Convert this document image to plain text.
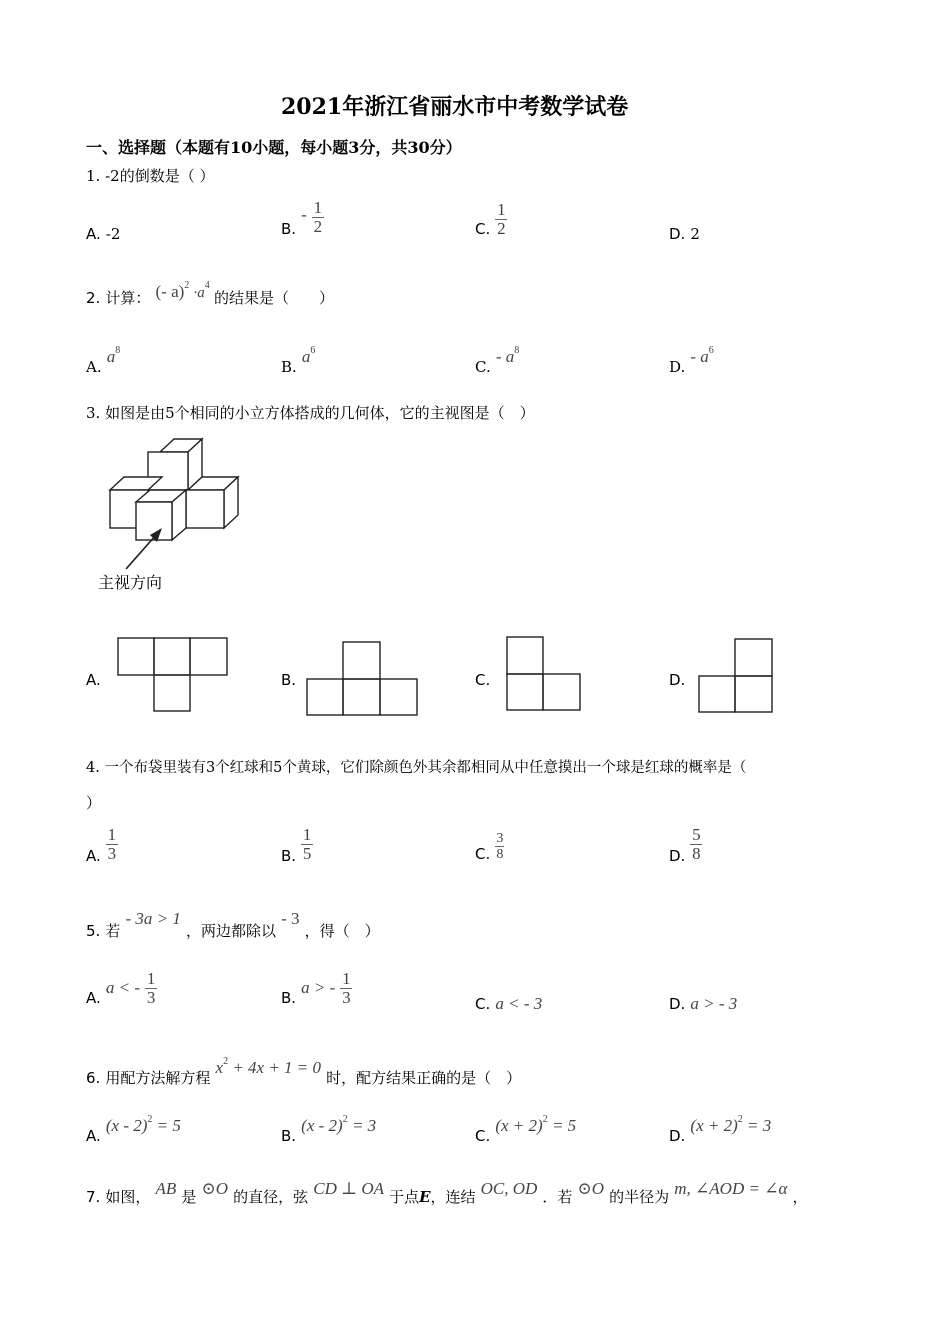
2021年浙江省丽水市中考数学试卷
一、选择题（本题有10小题，每小题3分，共30分）
1. -2的倒数是（ ）
A. -2	B. - $\frac{1}{2}$	C. $\frac{1}{2}$	D. 2
2. 计算： (- $a)^2 \cdot a^4$ 的结果是（　　）
A. $a^8$
B. $a^6$
C. - $a^8$
D. - $a^6$
3. 如图是由5个相同的小立方体搭成的几何体，它的主视图是（　）
主视方向
A.	B.	C.	D.
4. 一个布袋里装有3个红球和5个黄球，它们除颜色外其余都相同从中任意摸出一个球是红球的概率是（
）
A. $\frac{1}{3}$	B. $\frac{1}{5}$	C. $\frac{3}{8}$	D. $\frac{5}{8}$
5. 若 - 3a > 1 ，两边都除以 - 3 ，得（　）
A. a < - $\frac{1}{3}$	B. a > - $\frac{1}{3}$	C. a < - 3	D. a > - 3
6. 用配方法解方程 $x^2 + 4x + 1 = 0$ 时，配方结果正确的是（　）
A. (x - 2)$^2$ = 5
B. (x - 2)$^2$ = 3
C. $(x + 2)^2 = 5$
D. $(x + 2)^2 = 3$
7. 如图， AB 是 ⊙O 的直径，弦 CD ⊥ OA 于点E，连结 OC, OD ．若 ⊙O 的半径为 m, ∠AOD = ∠α ，
